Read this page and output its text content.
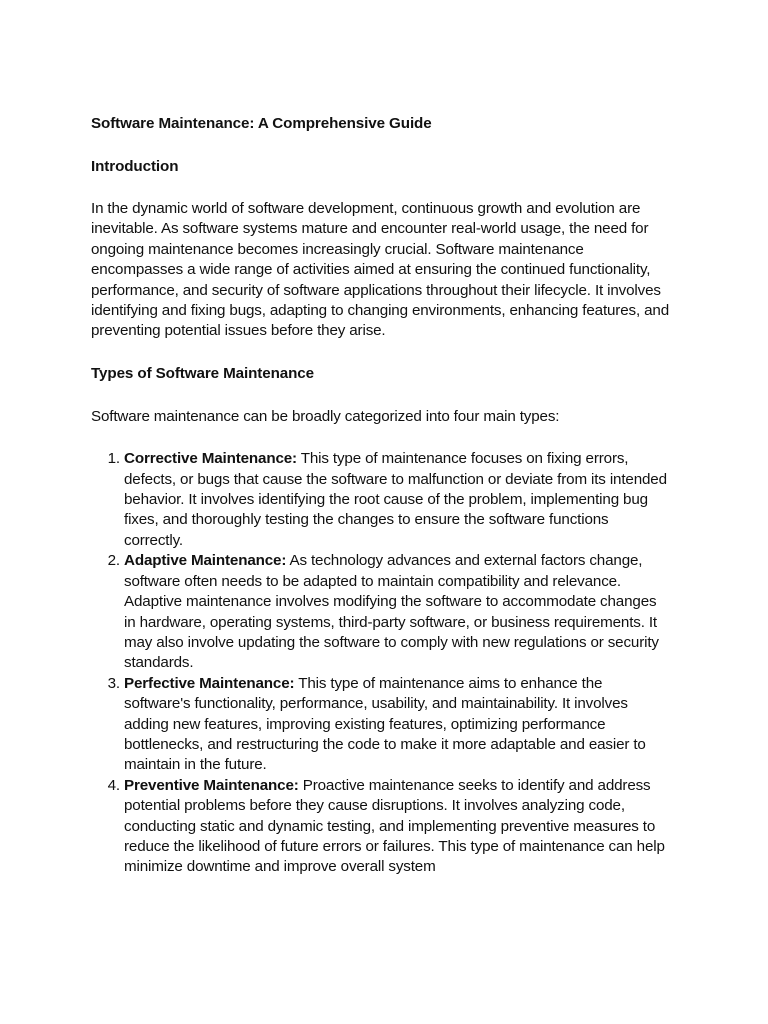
Software Maintenance: A Comprehensive Guide

Introduction

In the dynamic world of software development, continuous growth and evolution are inevitable. As software systems mature and encounter real-world usage, the need for ongoing maintenance becomes increasingly crucial. Software maintenance encompasses a wide range of activities aimed at ensuring the continued functionality, performance, and security of software applications throughout their lifecycle. It involves identifying and fixing bugs, adapting to changing environments, enhancing features, and preventing potential issues before they arise.

Types of Software Maintenance

Software maintenance can be broadly categorized into four main types:

1. Corrective Maintenance: This type of maintenance focuses on fixing errors, defects, or bugs that cause the software to malfunction or deviate from its intended behavior. It involves identifying the root cause of the problem, implementing bug fixes, and thoroughly testing the changes to ensure the software functions correctly.
2. Adaptive Maintenance: As technology advances and external factors change, software often needs to be adapted to maintain compatibility and relevance. Adaptive maintenance involves modifying the software to accommodate changes in hardware, operating systems, third-party software, or business requirements. It may also involve updating the software to comply with new regulations or security standards.
3. Perfective Maintenance: This type of maintenance aims to enhance the software's functionality, performance, usability, and maintainability. It involves adding new features, improving existing features, optimizing performance bottlenecks, and restructuring the code to make it more adaptable and easier to maintain in the future.
4. Preventive Maintenance: Proactive maintenance seeks to identify and address potential problems before they cause disruptions. It involves analyzing code, conducting static and dynamic testing, and implementing preventive measures to reduce the likelihood of future errors or failures. This type of maintenance can help minimize downtime and improve overall system
